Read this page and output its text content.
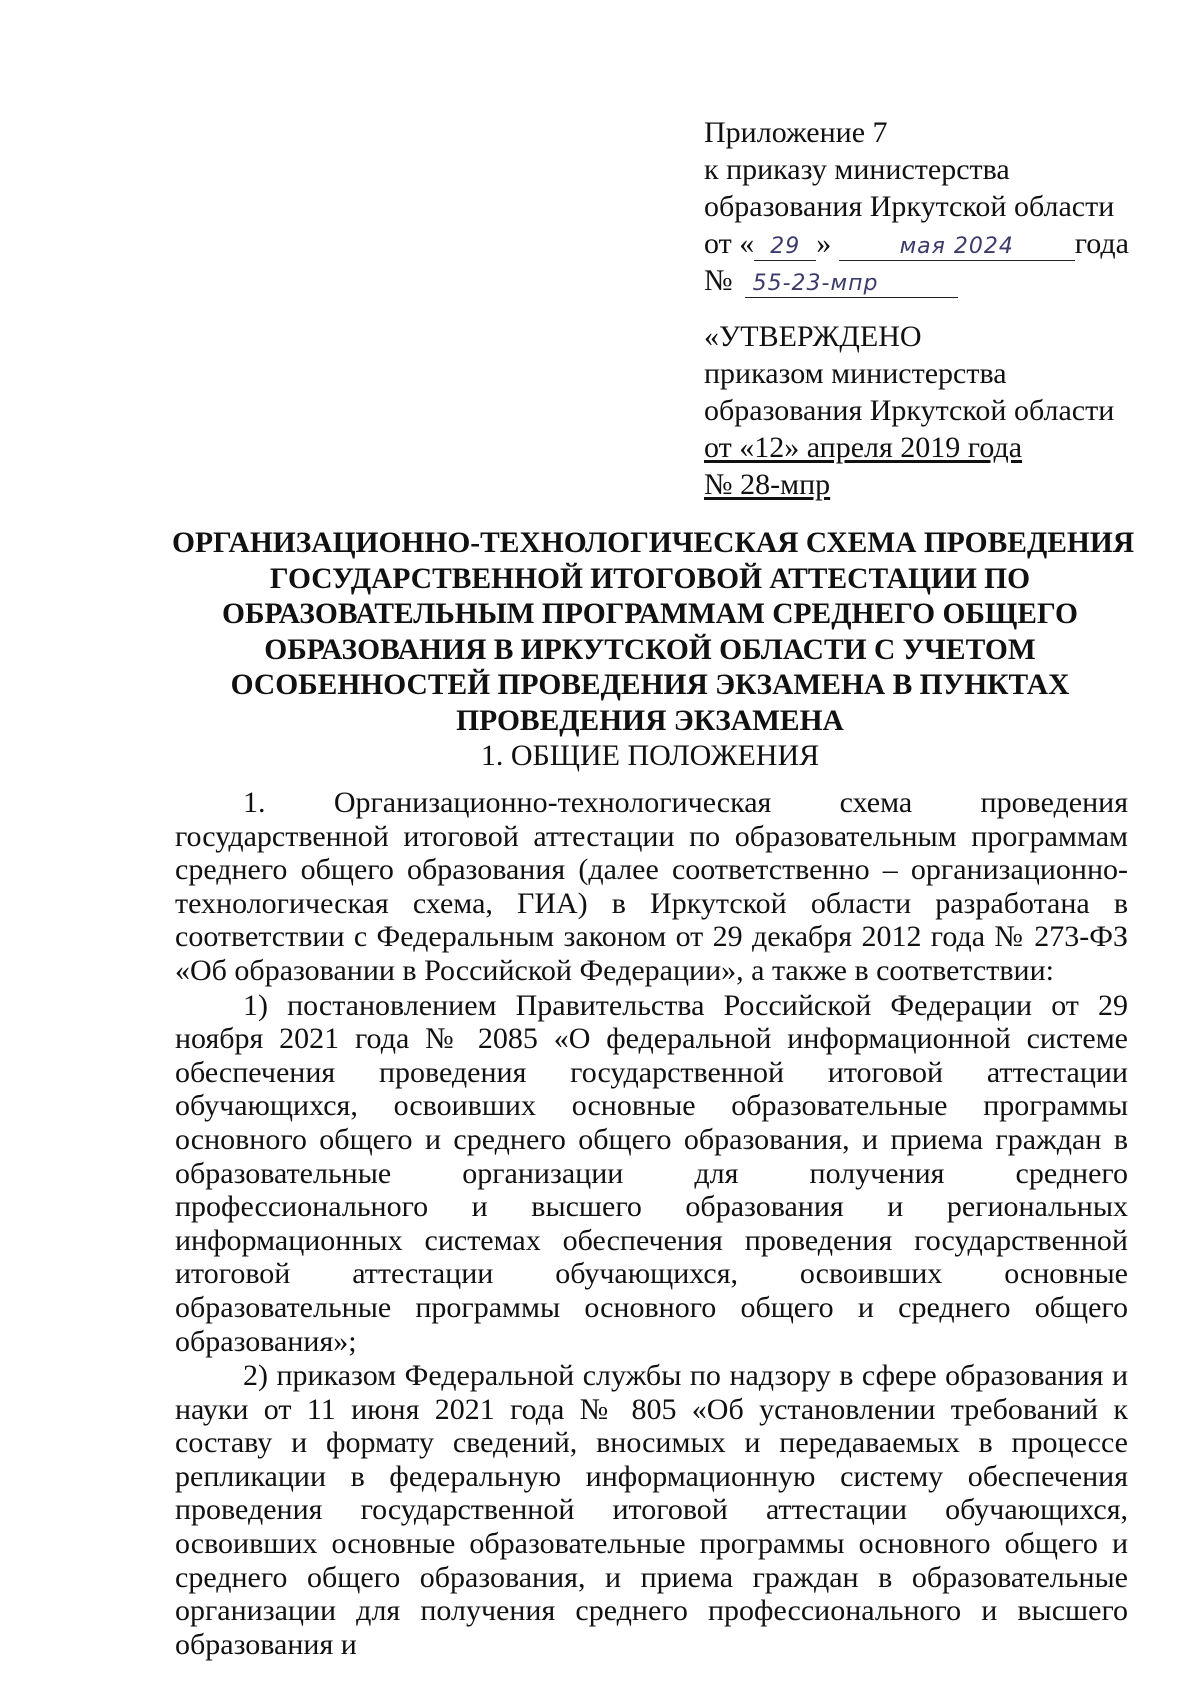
Приложение 7
к приказу министерства
образования Иркутской области
от « 29 »	мая 2024 года
№ 55-23-мпр
«УТВЕРЖДЕНО
приказом министерства
образования Иркутской области
от «12» апреля 2019 года
№ 28-мпр
ОРГАНИЗАЦИОННО-ТЕХНОЛОГИЧЕСКАЯ СХЕМА ПРОВЕДЕНИЯ
ГОСУДАРСТВЕННОЙ ИТОГОВОЙ АТТЕСТАЦИИ ПО
ОБРАЗОВАТЕЛЬНЫМ ПРОГРАММАМ СРЕДНЕГО ОБЩЕГО
ОБРАЗОВАНИЯ В ИРКУТСКОЙ ОБЛАСТИ С УЧЕТОМ
ОСОБЕННОСТЕЙ ПРОВЕДЕНИЯ ЭКЗАМЕНА В ПУНКТАХ
ПРОВЕДЕНИЯ ЭКЗАМЕНА
1. ОБЩИЕ ПОЛОЖЕНИЯ

1. Организационно-технологическая схема проведения государственной итоговой аттестации по образовательным программам среднего общего образования (далее соответственно – организационно-технологическая схема, ГИА) в Иркутской области разработана в соответствии с Федеральным законом от 29 декабря 2012 года № 273-ФЗ «Об образовании в Российской Федерации», а также в соответствии:

1) постановлением Правительства Российской Федерации от 29 ноября 2021 года № 2085 «О федеральной информационной системе обеспечения проведения государственной итоговой аттестации обучающихся, освоивших основные образовательные программы основного общего и среднего общего образования, и приема граждан в образовательные организации для получения среднего профессионального и высшего образования и региональных информационных системах обеспечения проведения государственной итоговой аттестации обучающихся, освоивших основные образовательные программы основного общего и среднего общего образования»;

2) приказом Федеральной службы по надзору в сфере образования и науки от 11 июня 2021 года № 805 «Об установлении требований к составу и формату сведений, вносимых и передаваемых в процессе репликации в федеральную информационную систему обеспечения проведения государственной итоговой аттестации обучающихся, освоивших основные образовательные программы основного общего и среднего общего образования, и приема граждан в образовательные организации для получения среднего профессионального и высшего образования и
